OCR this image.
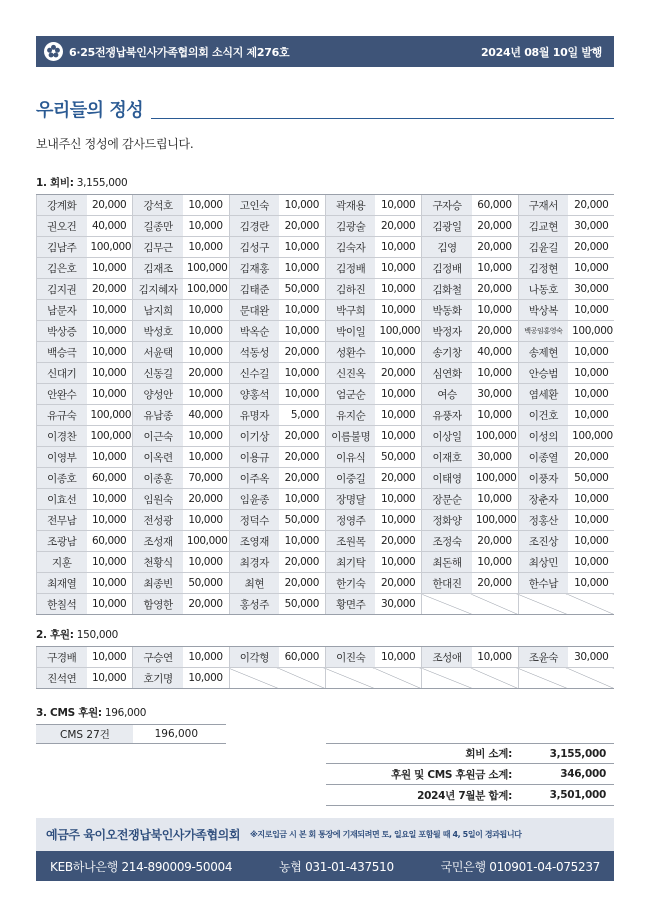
6·25전쟁납북인사가족협의회 소식지 제276호	2024년 08월 10일 발행
우리들의 정성
보내주신 정성에 감사드립니다.
1. 회비: 3,155,000
강계화	20,000	강석호	10,000	고인숙	10,000	곽재용	10,000	구자승	60,000	구재서	20,000
권오건	40,000	길종만	10,000	김경란	20,000	김광술	20,000	김광일	20,000	김교현	30,000
김남주	100,000	김무근	10,000	김성구	10,000	김숙자	10,000	김영	20,000	김윤길	20,000
김은호	10,000	김재조	100,000	김재홍	10,000	김정배	10,000	김정배	10,000	김정현	10,000
김지권	20,000	김지혜자	100,000	김태준	50,000	김하진	10,000	김화철	20,000	나동호	30,000
남문자	10,000	남지희	10,000	문대완	10,000	박구희	10,000	박동화	10,000	박상복	10,000
박상증	10,000	박성호	10,000	박옥순	10,000	박이일	100,000	박정자	20,000	백공임홍영숙	100,000
백승극	10,000	서윤택	10,000	석동성	20,000	성환수	10,000	송기창	40,000	송제현	10,000
신대기	10,000	신동길	20,000	신수길	10,000	신진옥	20,000	심연화	10,000	안승범	10,000
안완수	10,000	양성안	10,000	양홍석	10,000	엄군순	10,000	여승	30,000	염세환	10,000
유규숙	100,000	유남종	40,000	유명자	5,000	유지순	10,000	유풍자	10,000	이건호	10,000
이경찬	100,000	이근숙	10,000	이기상	20,000	이름불명	10,000	이상일	100,000	이성의	100,000
이영부	10,000	이옥련	10,000	이용규	20,000	이유식	50,000	이재호	30,000	이종열	20,000
이종호	60,000	이종훈	70,000	이주옥	20,000	이중길	20,000	이태영	100,000	이풍자	50,000
이효선	10,000	임원숙	20,000	임윤종	10,000	장명달	10,000	장문순	10,000	장춘자	10,000
전무남	10,000	전성광	10,000	정덕수	50,000	정영주	10,000	정화양	100,000	정홍산	10,000
조광남	60,000	조성재	100,000	조영재	10,000	조원목	20,000	조정숙	20,000	조진상	10,000
지훈	10,000	천황식	10,000	최경자	20,000	최기탁	10,000	최돈해	10,000	최상민	10,000
최재열	10,000	최종빈	50,000	최현	20,000	한기숙	20,000	한대진	20,000	한수남	10,000
한칠석	10,000	함영한	20,000	홍성주	50,000	황면주	30,000				
2. 후원: 150,000
구경배	10,000	구승연	10,000	이각형	60,000	이진숙	10,000	조성애	10,000	조윤숙	30,000
진석연	10,000	호기명	10,000								
3. CMS 후원: 196,000
CMS 27건	196,000
회비 소계:	3,155,000
후원 및 CMS 후원금 소계:	346,000
2024년 7월분 합계:	3,501,000
예금주 육이오전쟁납북인사가족협의회 ※지로입금 시 본 회 통장에 기재되려면 토, 일요일 포함될 때 4, 5일이 경과됩니다
KEB하나은행 214-890009-50004	농협 031-01-437510	국민은행 010901-04-075237
